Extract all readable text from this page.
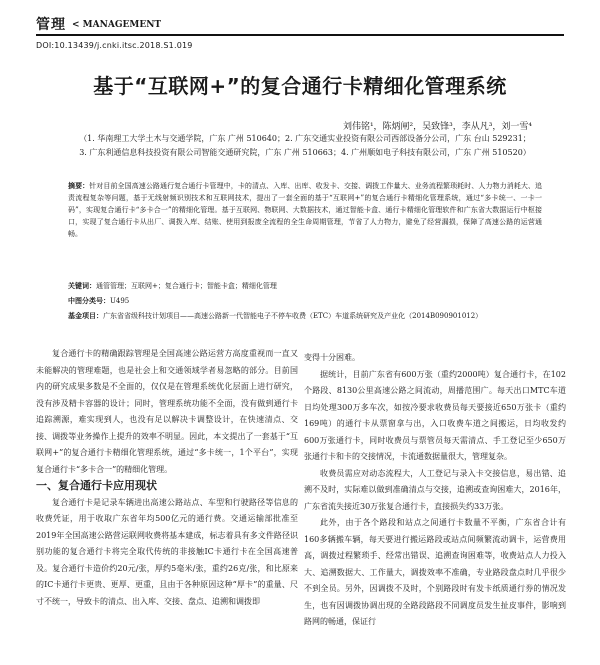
管理 < MANAGEMENT
DOI:10.13439/j.cnki.itsc.2018.S1.019
基于“互联网+”的复合通行卡精细化管理系统
刘伟铭¹，陈炳闸²，吴致锋³，李从凡³，刘一雪⁴
（1. 华南理工大学土木与交通学院，广东 广州 510640；2. 广东交通实业投资有限公司西部设备分公司，广东 台山 529231；
3. 广东利通信息科技投资有限公司智能交通研究院，广东 广州 510663；4. 广州顺如电子科技有限公司，广东 广州 510520）
摘要：针对目前全国高速公路通行复合通行卡管理中，卡的清点、入库、出库、收发卡、交接、调拨工作量大、业务流程繁琐耗时、人力物力消耗大、追责流程复杂等问题，基于无线射频识别技术和互联网技术，提出了一套全面的基于“互联网+”的复合通行卡精细化管理系统，通过“多卡统一、一卡一码”，实现复合通行卡“多卡合一”的精细化管理。基于互联网、物联网、大数据技术，通过智能卡盒、通行卡精细化管理软件和广东省大数据运行中枢接口，实现了复合通行卡从出厂、调拨入库、结账、使用到报废全流程的全生命周期管理，节省了人力物力，避免了经营漏损，保障了高速公路的运营通畅。
关键词：通管管理；互联网+；复合通行卡；智能卡盒；精细化管理
中图分类号：U495
基金项目：广东省省级科技计划项目——高速公路新一代智能电子不停车收费（ETC）车道系统研究及产业化（2014B090901012）

复合通行卡的精确跟踪管理是全国高速公路运营方高度重视而一直又未能解决的管理难题，也是社会上和交通领域学者易忽略的部分。目前国内的研究成果多数是不全面的，仅仅是在管理系统优化层面上进行研究，没有涉及精卡容器的设计；同时，管理系统功能不全面，没有做到通行卡追踪溯源，难实现到人，也没有足以解决卡调整设计，在快速清点、交接、调拨等业务操作上提升的效率不明显。因此，本文提出了一套基于“互联网+”的复合通行卡精细化管理系统，通过“多卡统一，1个平台”，实现复合通行卡“多卡合一”的精细化管理。

一、复合通行卡应用现状

复合通行卡是记录车辆进出高速公路站点、车型和行驶路径等信息的收费凭证，用于收取广东省年均500亿元的通行费。交通运输部批准至2019年全国高速公路营运联网收费将基本建成，标志着具有多文件路径识别功能的复合通行卡将完全取代传统的非接触IC卡通行卡在全国高速普及。复合通行卡造价约20元/张，厚约5毫米/张，重约26克/张，和比原来的IC卡通行卡更贵、更厚、更重，且由于各种原因这种“厚卡”的重量、尺寸不统一，导致卡的清点、出入库、交接、盘点、追溯和调拨即

变得十分困难。

据统计，目前广东省有600万张（重约2000吨）复合通行卡，在102个路段、8130公里高速公路之间流动，周播范围广。每天出口MTC车道日均处理300万多车次，如按冷要求收费员每天要接近650万张卡（重约169吨）的通行卡从票窗拿与出，入口收费车道之间搬运，日均收发约600万张通行卡，同时收费员与票管员每天需清点、手工登记至少650万张通行卡和卡的交接情况，卡流通数据量很大，管理复杂。

收费员需应对动态流程大，人工登记与录入卡交接信息，易出错、追溯不及时，实际难以做到准确清点与交接，追溯或查询困难大，2016年，广东省流失接近30万张复合通行卡，直接损失约33万张。

此外，由于各个路段和站点之间通行卡数量不平衡，广东省合计有160多辆搬车辆，每天要进行搬运路段或站点间频繁流动调卡，运营费用高，调拨过程繁琐手、经常出错误、追溯查询困难等，收费站点人力投入大、追溯数据大、工作量大，调拨效率不准确，专业路段盘点时几乎很少不到全员。另外，因调拨不及时，个别路段时有发卡纸质通行券的情况发生，也有因调拨协调出现的全路段路段不同调度员发生扯皮事件，影响到路网的畅通，保证行
